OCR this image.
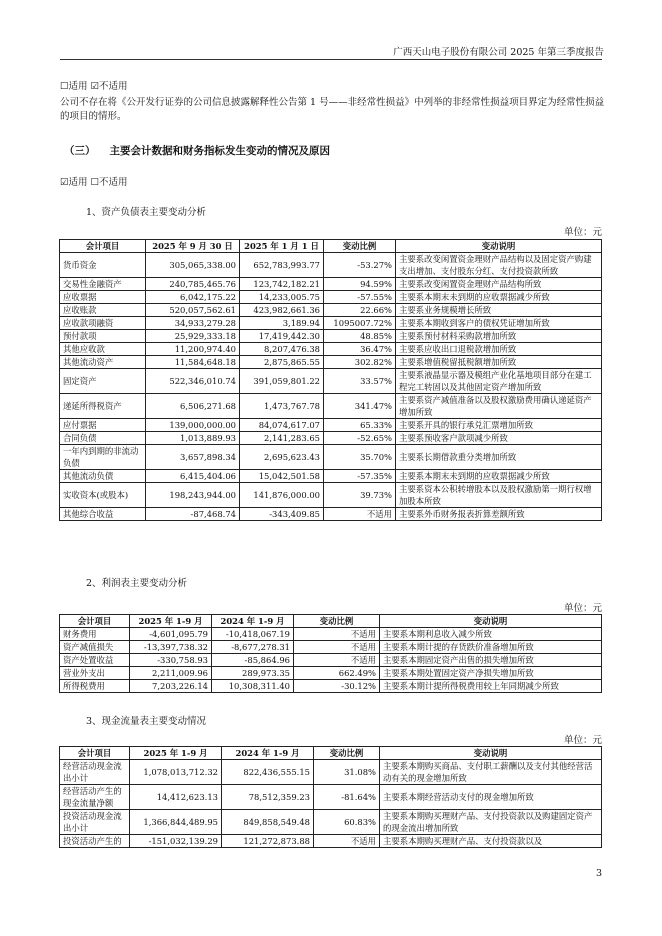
广西天山电子股份有限公司 2025 年第三季度报告
☐适用 ☑不适用
公司不存在将《公开发行证券的公司信息披露解释性公告第 1 号——非经常性损益》中列举的非经常性损益项目界定为经常性损益的项目的情形。
（三） 主要会计数据和财务指标发生变动的情况及原因
☑适用 ☐不适用
1、资产负债表主要变动分析
单位：元
会计项目	2025 年 9 月 30 日	2025 年 1 月 1 日	变动比例	变动说明
货币资金	305,065,338.00	652,783,993.77	-53.27%	主要系改变闲置资金理财产品结构以及固定资产购建支出增加、支付股东分红、支付投资款所致
交易性金融资产	240,785,465.76	123,742,182.21	94.59%	主要系改变闲置资金理财产品结构所致
应收票据	6,042,175.22	14,233,005.75	-57.55%	主要系本期末未到期的应收票据减少所致
应收账款	520,057,562.61	423,982,661.36	22.66%	主要系业务规模增长所致
应收款项融资	34,933,279.28	3,189.94	1095007.72%	主要系本期收到客户的债权凭证增加所致
预付款项	25,929,333.18	17,419,442.30	48.85%	主要系预付材料采购款增加所致
其他应收款	11,200,974.40	8,207,476.38	36.47%	主要系应收出口退税款增加所致
其他流动资产	11,584,648.18	2,875,865.55	302.82%	主要系增值税留抵税额增加所致
固定资产	522,346,010.74	391,059,801.22	33.57%	主要系液晶显示器及模组产业化基地项目部分在建工程完工转固以及其他固定资产增加所致
递延所得税资产	6,506,271.68	1,473,767.78	341.47%	主要系资产减值准备以及股权激励费用确认递延资产增加所致
应付票据	139,000,000.00	84,074,617.07	65.33%	主要系开具的银行承兑汇票增加所致
合同负债	1,013,889.93	2,141,283.65	-52.65%	主要系预收客户款项减少所致
一年内到期的非流动负债	3,657,898.34	2,695,623.43	35.70%	主要系长期借款重分类增加所致
其他流动负债	6,415,404.06	15,042,501.58	-57.35%	主要系本期末未到期的应收票据减少所致
实收资本(或股本)	198,243,944.00	141,876,000.00	39.73%	主要系资本公积转增股本以及股权激励第一期行权增加股本所致
其他综合收益	-87,468.74	-343,409.85	不适用	主要系外币财务报表折算差额所致
2、利润表主要变动分析
单位：元
会计项目	2025 年 1-9 月	2024 年 1-9 月	变动比例	变动说明
财务费用	-4,601,095.79	-10,418,067.19	不适用	主要系本期利息收入减少所致
资产减值损失	-13,397,738.32	-8,677,278.31	不适用	主要系本期计提的存货跌价准备增加所致
资产处置收益	-330,758.93	-85,864.96	不适用	主要系本期固定资产出售的损失增加所致
营业外支出	2,211,009.96	289,973.35	662.49%	主要系本期处置固定资产净损失增加所致
所得税费用	7,203,226.14	10,308,311.40	-30.12%	主要系本期计提所得税费用较上年同期减少所致
3、现金流量表主要变动情况
单位：元
会计项目	2025 年 1-9 月	2024 年 1-9 月	变动比例	变动说明
经营活动现金流出小计	1,078,013,712.32	822,436,555.15	31.08%	主要系本期购买商品、支付职工薪酬以及支付其他经营活动有关的现金增加所致
经营活动产生的现金流量净额	14,412,623.13	78,512,359.23	-81.64%	主要系本期经营活动支付的现金增加所致
投资活动现金流出小计	1,366,844,489.95	849,858,549.48	60.83%	主要系本期购买理财产品、支付投资款以及购建固定资产的现金流出增加所致
投资活动产生的	-151,032,139.29	121,272,873.88	不适用	主要系本期购买理财产品、支付投资款以及
3
